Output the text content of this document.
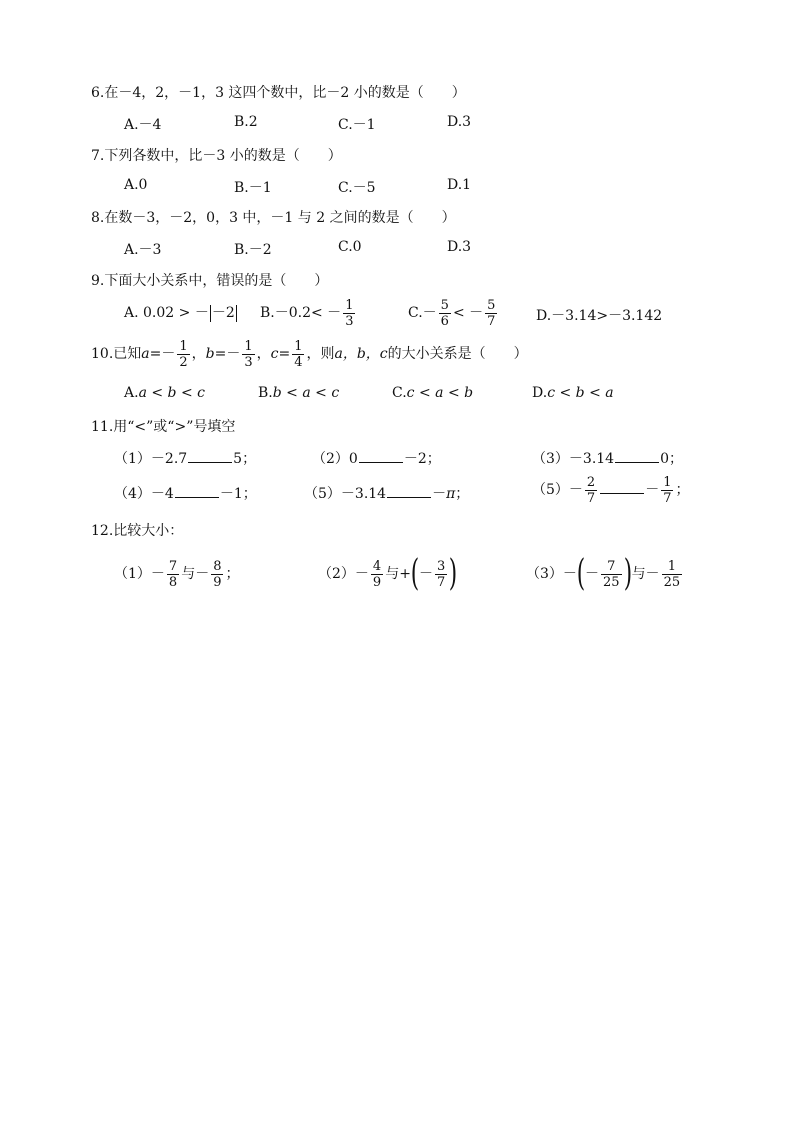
6.在－4，2，－1，3 这四个数中，比－2 小的数是（　　）
A.－4	B.2	C.－1	D.3
7.下列各数中，比－3 小的数是（　　）
A.0	B.－1	C.－5	D.1
8.在数－3，－2，0，3 中，－1 与 2 之间的数是（　　）
A.－3	B.－2	C.0	D.3
9.下面大小关系中，错误的是（　　）
A. 0.02 > － －2 $B.-0.2< - \frac{1}{3}$	$C.- \frac{5}{6}$ < － $\frac{5}{7}$	D.－3.14>－3.142
10.已知$a=- \frac{1}{2}$ ，$b=- \frac{1}{3}$ ，$c= \frac{1}{4}$ ，则a，b，c的大小关系是（　　）
A.a < b < c	B.b < a < c	C.c < a < b	D.c < b < a
11.用“<”或“>”号填空
（1）－2.7	5；	（2）0	－2；	（3）－3.14	0；
（4）－4	－1；	（5）－3.14	－π；	$(5)- \frac{2}{7}$	－ $\frac{1}{7}$ ；
12.比较大小：
$(1)- \frac{7}{8}$ 与－ $\frac{8}{9}$ ；	$(2)- \frac{4}{9}$ 与+(－ $\frac{3}{7}$ )	$(3)-(- \frac{7}{25}$ )与－ $\frac{1}{25}$
